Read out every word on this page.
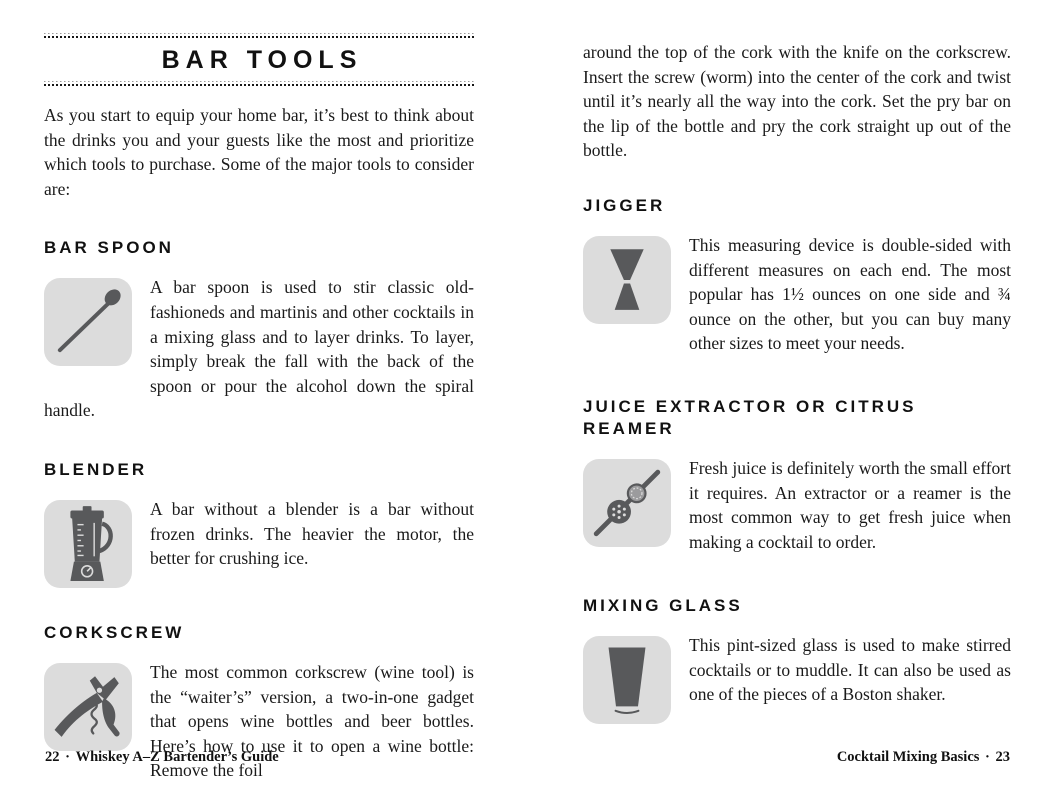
BAR TOOLS

As you start to equip your home bar, it’s best to think about the drinks you and your guests like the most and prioritize which tools to purchase. Some of the major tools to consider are:

BAR SPOON

A bar spoon is used to stir classic old-fashioneds and martinis and other cocktails in a mixing glass and to layer drinks. To layer, simply break the fall with the back of the spoon or pour the alcohol down the spiral handle.

BLENDER

A bar without a blender is a bar without frozen drinks. The heavier the motor, the better for crushing ice.

CORKSCREW

The most common corkscrew (wine tool) is the “waiter’s” version, a two-in-one gadget that opens wine bottles and beer bottles. Here’s how to use it to open a wine bottle: Remove the foil

22 · Whiskey A–Z Bartender’s Guide

around the top of the cork with the knife on the corkscrew. Insert the screw (worm) into the center of the cork and twist until it’s nearly all the way into the cork. Set the pry bar on the lip of the bottle and pry the cork straight up out of the bottle.

JIGGER

This measuring device is double-sided with different measures on each end. The most popular has 1½ ounces on one side and ¾ ounce on the other, but you can buy many other sizes to meet your needs.

JUICE EXTRACTOR OR CITRUS REAMER

Fresh juice is definitely worth the small effort it requires. An extractor or a reamer is the most common way to get fresh juice when making a cocktail to order.

MIXING GLASS

This pint-sized glass is used to make stirred cocktails or to muddle. It can also be used as one of the pieces of a Boston shaker.

Cocktail Mixing Basics · 23
